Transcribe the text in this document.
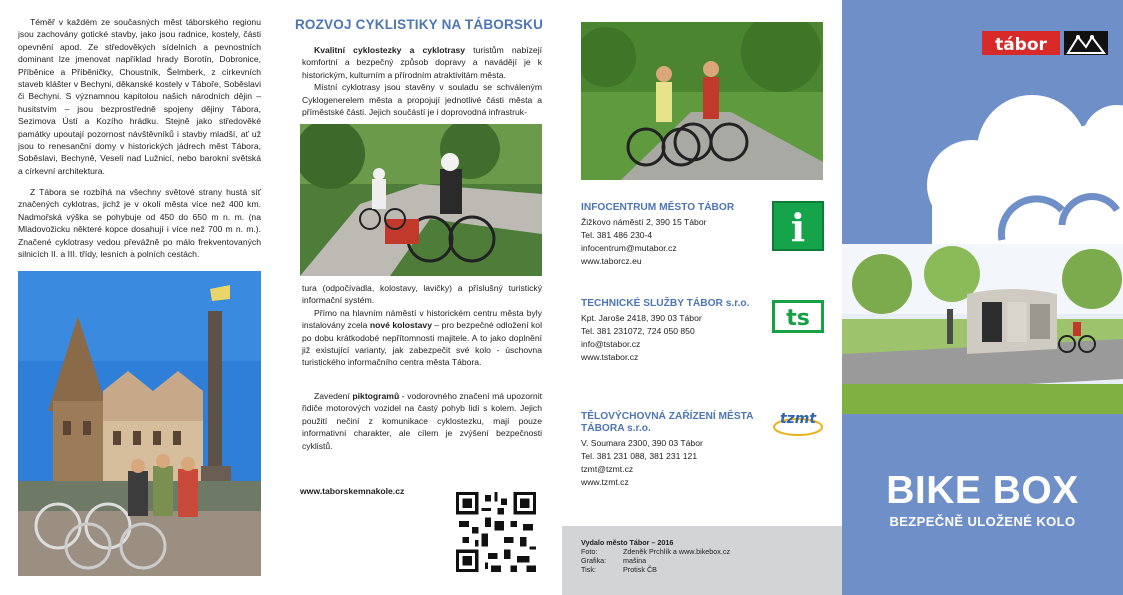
Téměř v každém ze současných měst táborského regionu jsou zachovány gotické stavby, jako jsou radnice, kostely, části opevnění apod. Ze středověkých sídelních a pevnostních dominant lze jmenovat například hrady Borotín, Dobronice, Příběnice a Příběničky, Choustník, Šelmberk, z církevních staveb klášter v Bechyni, děkanské kostely v Táboře, Soběslavi či Bechyni. S významnou kapitolou našich národních dějin – husitstvím – jsou bezprostředně spojeny dějiny Tábora, Sezimova Ústí a Kozího hrádku. Stejně jako středověké památky upoutají pozornost návštěvníků i stavby mladší, ať už jsou to renesanční domy v historických jádrech měst Tábora, Soběslavi, Bechyně, Veselí nad Lužnicí, nebo barokní světská a církevní architektura.

Z Tábora se rozbíhá na všechny světové strany hustá síť značených cyklotras, jichž je v okolí města více než 400 km. Nadmořská výška se pohybuje od 450 do 650 m n. m. (na Mladovožicku některé kopce dosahují i více než 700 m n. m.). Značené cyklotrasy vedou převážně po málo frekventovaných silnicích II. a III. třídy, lesních a polních cestách.

ROZVOJ CYKLISTIKY NA TÁBORSKU

Kvalitní cyklostezky a cyklotrasy turistům nabízejí komfortní a bezpečný způsob dopravy a navádějí je k historickým, kulturním a přírodním atraktivitám města.

Místní cyklotrasy jsou stavěny v souladu se schváleným Cyklogenerelem města a propojují jednotlivé části města a příměstské části. Jejich součástí je i doprovodná infrastruk-

tura (odpočívadla, kolostavy, lavičky) a příslušný turistický informační systém.

Přímo na hlavním náměstí v historickém centru města byly instalovány zcela nové kolostavy – pro bezpečné odložení kol po dobu krátkodobé nepřítomnosti majitele. A to jako doplnění již existující varianty, jak zabezpečit své kolo - úschovna turistického informačního centra města Tábora.

Zavedení piktogramů - vodorovného značení má upozornit řidiče motorových vozidel na častý pohyb lidí s kolem. Jejich použití nečiní z komunikace cyklostezku, mají pouze informativní charakter, ale cílem je zvýšení bezpečnosti cyklistů.

www.taborskemnakole.cz
INFOCENTRUM MĚSTO TÁBOR
Žižkovo náměstí 2, 390 15 Tábor
Tel. 381 486 230-4
infocentrum@mutabor.cz
www.taborcz.eu
i
TECHNICKÉ SLUŽBY TÁBOR s.r.o.
Kpt. Jaroše 2418, 390 03 Tábor
Tel. 381 231072, 724 050 850
info@tstabor.cz
www.tstabor.cz
ts
TĚLOVÝCHOVNÁ ZAŘÍZENÍ MĚSTA TÁBORA s.r.o.
V. Soumara 2300, 390 03 Tábor
Tel. 381 231 088, 381 231 121
tzmt@tzmt.cz
www.tzmt.cz
tzmt
Vydalo město Tábor – 2016
Foto:	Zdeněk Prchlík a www.bikebox.cz
Grafika:	mašina
Tisk:	Protisk ČB
tábor
BIKE BOX
BEZPEČNĚ ULOŽENÉ KOLO
